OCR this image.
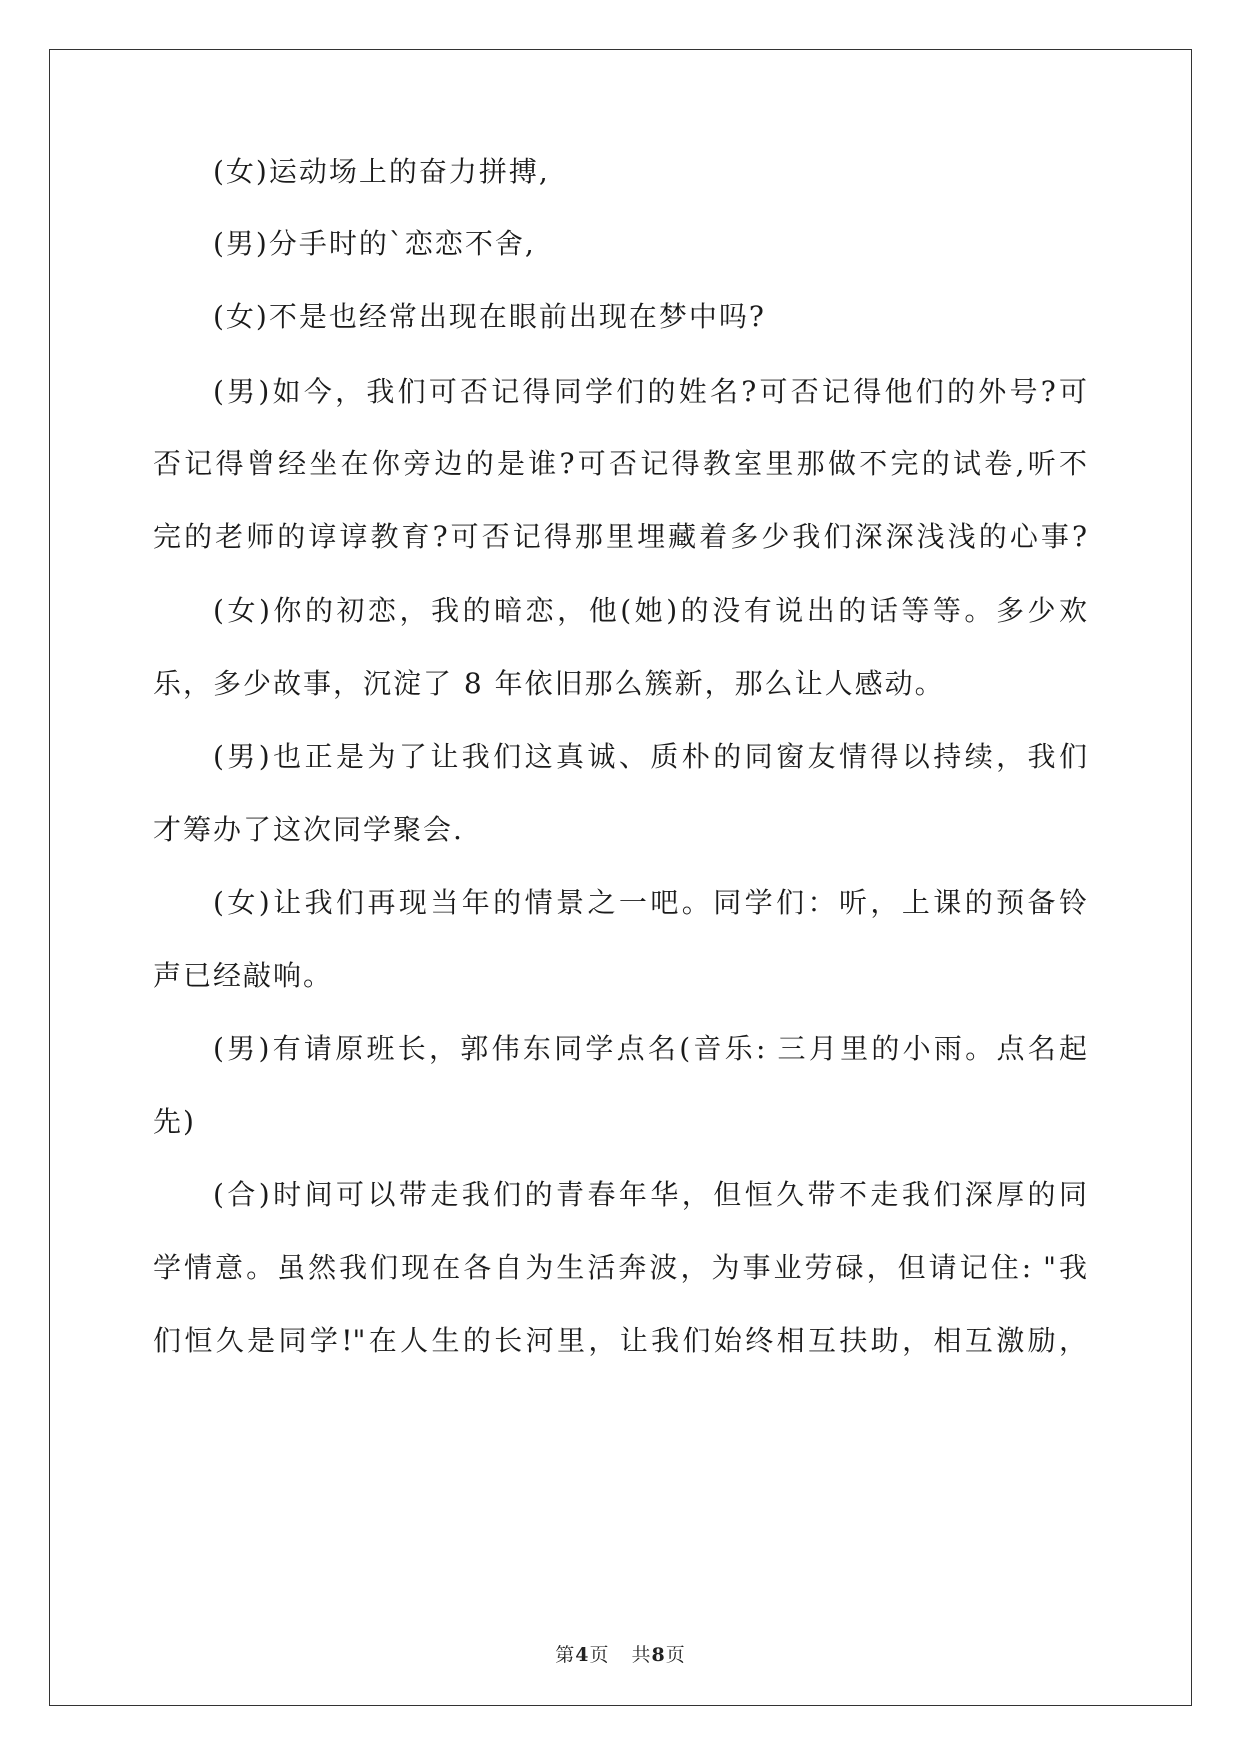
(女)运动场上的奋力拼搏,
(男)分手时的`恋恋不舍,
(女)不是也经常出现在眼前出现在梦中吗?
(男)如今，我们可否记得同学们的姓名?可否记得他们的外号?可
否记得曾经坐在你旁边的是谁?可否记得教室里那做不完的试卷,听不
完的老师的谆谆教育?可否记得那里埋藏着多少我们深深浅浅的心事?
(女)你的初恋，我的暗恋，他(她)的没有说出的话等等。多少欢
乐，多少故事，沉淀了 8 年依旧那么簇新，那么让人感动。
(男)也正是为了让我们这真诚、质朴的同窗友情得以持续，我们
才筹办了这次同学聚会.
(女)让我们再现当年的情景之一吧。同学们：听，上课的预备铃
声已经敲响。
(男)有请原班长，郭伟东同学点名(音乐: 三月里的小雨。点名起
先)
(合)时间可以带走我们的青春年华，但恒久带不走我们深厚的同
学情意。虽然我们现在各自为生活奔波，为事业劳碌，但请记住: "我
们恒久是同学!"在人生的长河里，让我们始终相互扶助，相互激励，
第4页 共8页
